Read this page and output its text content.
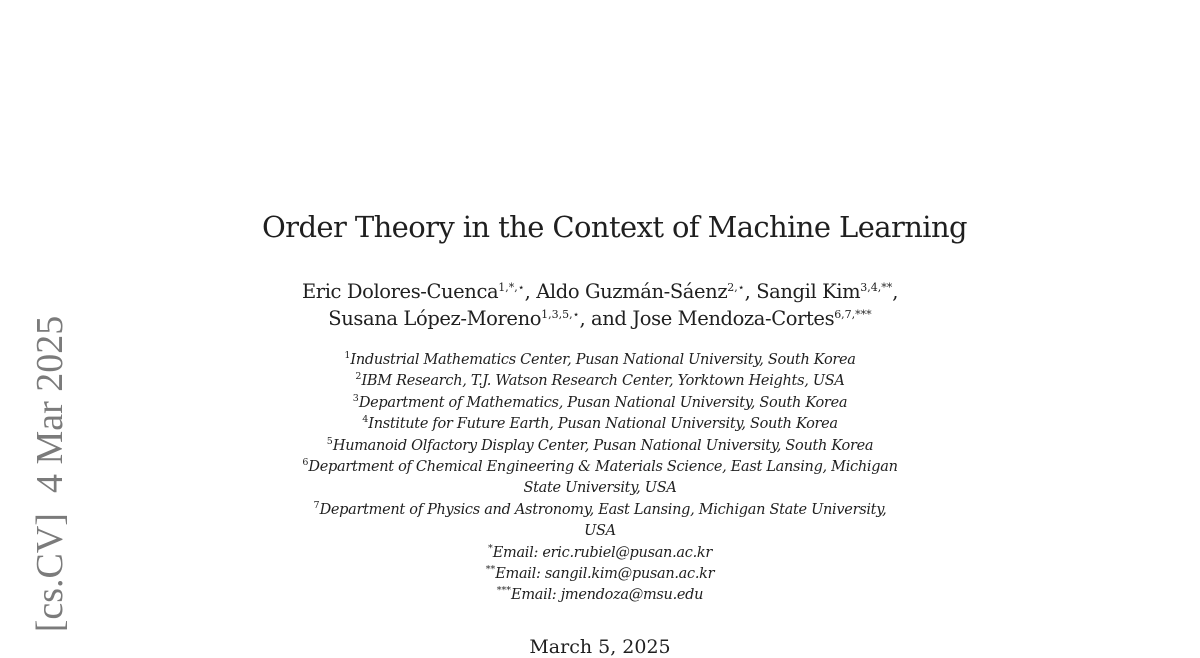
[cs.CV]4 Mar 2025
Order Theory in the Context of Machine Learning
Eric Dolores-Cuenca$^{1,*,⋆}$, Aldo Guzmán-Sáenz$^{2,⋆}$, Sangil Kim$^{3,4,**}$,
Susana López-Moreno$^{1,3,5,⋆}$, and Jose Mendoza-Cortes$^{6,7,***}$
$^1$Industrial Mathematics Center, Pusan National University, South Korea
$^2$IBM Research, T.J. Watson Research Center, Yorktown Heights, USA
$^3$Department of Mathematics, Pusan National University, South Korea
$^4$Institute for Future Earth, Pusan National University, South Korea
$^5$Humanoid Olfactory Display Center, Pusan National University, South Korea
$^6$Department of Chemical Engineering & Materials Science, East Lansing, Michigan
State University, USA
$^7$Department of Physics and Astronomy, East Lansing, Michigan State University,
USA
*Email: eric.rubiel@pusan.ac.kr
**Email: sangil.kim@pusan.ac.kr
***Email: jmendoza@msu.edu
March 5, 2025
